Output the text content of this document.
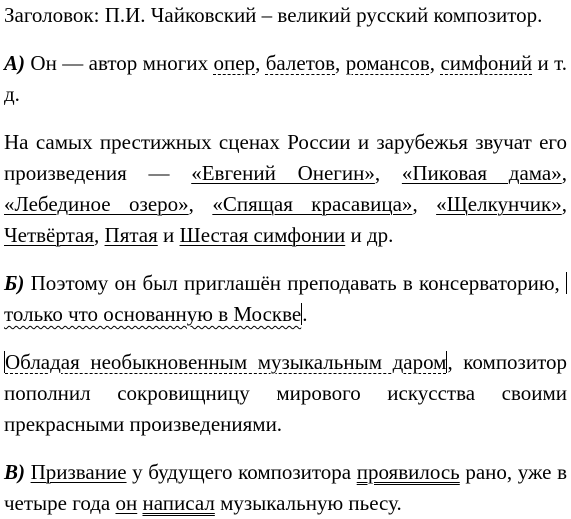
Заголовок: П.И. Чайковский – великий русский композитор.

А) Он — автор многих опер, балетов, романсов, симфоний и т. д.

На самых престижных сценах России и зарубежья звучат его произведения — «Евгений Онегин», «Пиковая дама», «Лебединое озеро», «Спящая красавица», «Щелкунчик», Четвёртая, Пятая и Шестая симфонии и др.

Б) Поэтому он был приглашён преподавать в консерваторию, только что основанную в Москве.

Обладая необыкновенным музыкальным даром, композитор пополнил сокровищницу мирового искусства своими прекрасными произведениями.

В) Призвание у будущего композитора проявилось рано, уже в четыре года он написал музыкальную пьесу.
